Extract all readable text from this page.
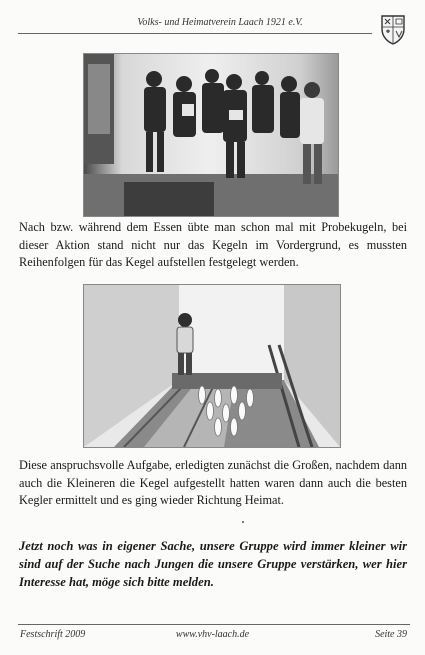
Volks- und Heimatverein Laach 1921 e.V.

Nach bzw. während dem Essen übte man schon mal mit Probekugeln, bei dieser Aktion stand nicht nur das Kegeln im Vordergrund, es mussten Reihenfolgen für das Kegel aufstellen festgelegt werden.

Diese anspruchsvolle Aufgabe, erledigten zunächst die Großen, nachdem dann auch die Kleineren die Kegel aufgestellt hatten waren dann auch die besten Kegler ermittelt und es ging wieder Richtung Heimat.

Jetzt noch was in eigener Sache, unsere Gruppe wird immer kleiner wir sind auf der Suche nach Jungen die unsere Gruppe verstärken, wer hier Interesse hat, möge sich bitte melden.

Festschrift 2009	www.vhv-laach.de	Seite 39
